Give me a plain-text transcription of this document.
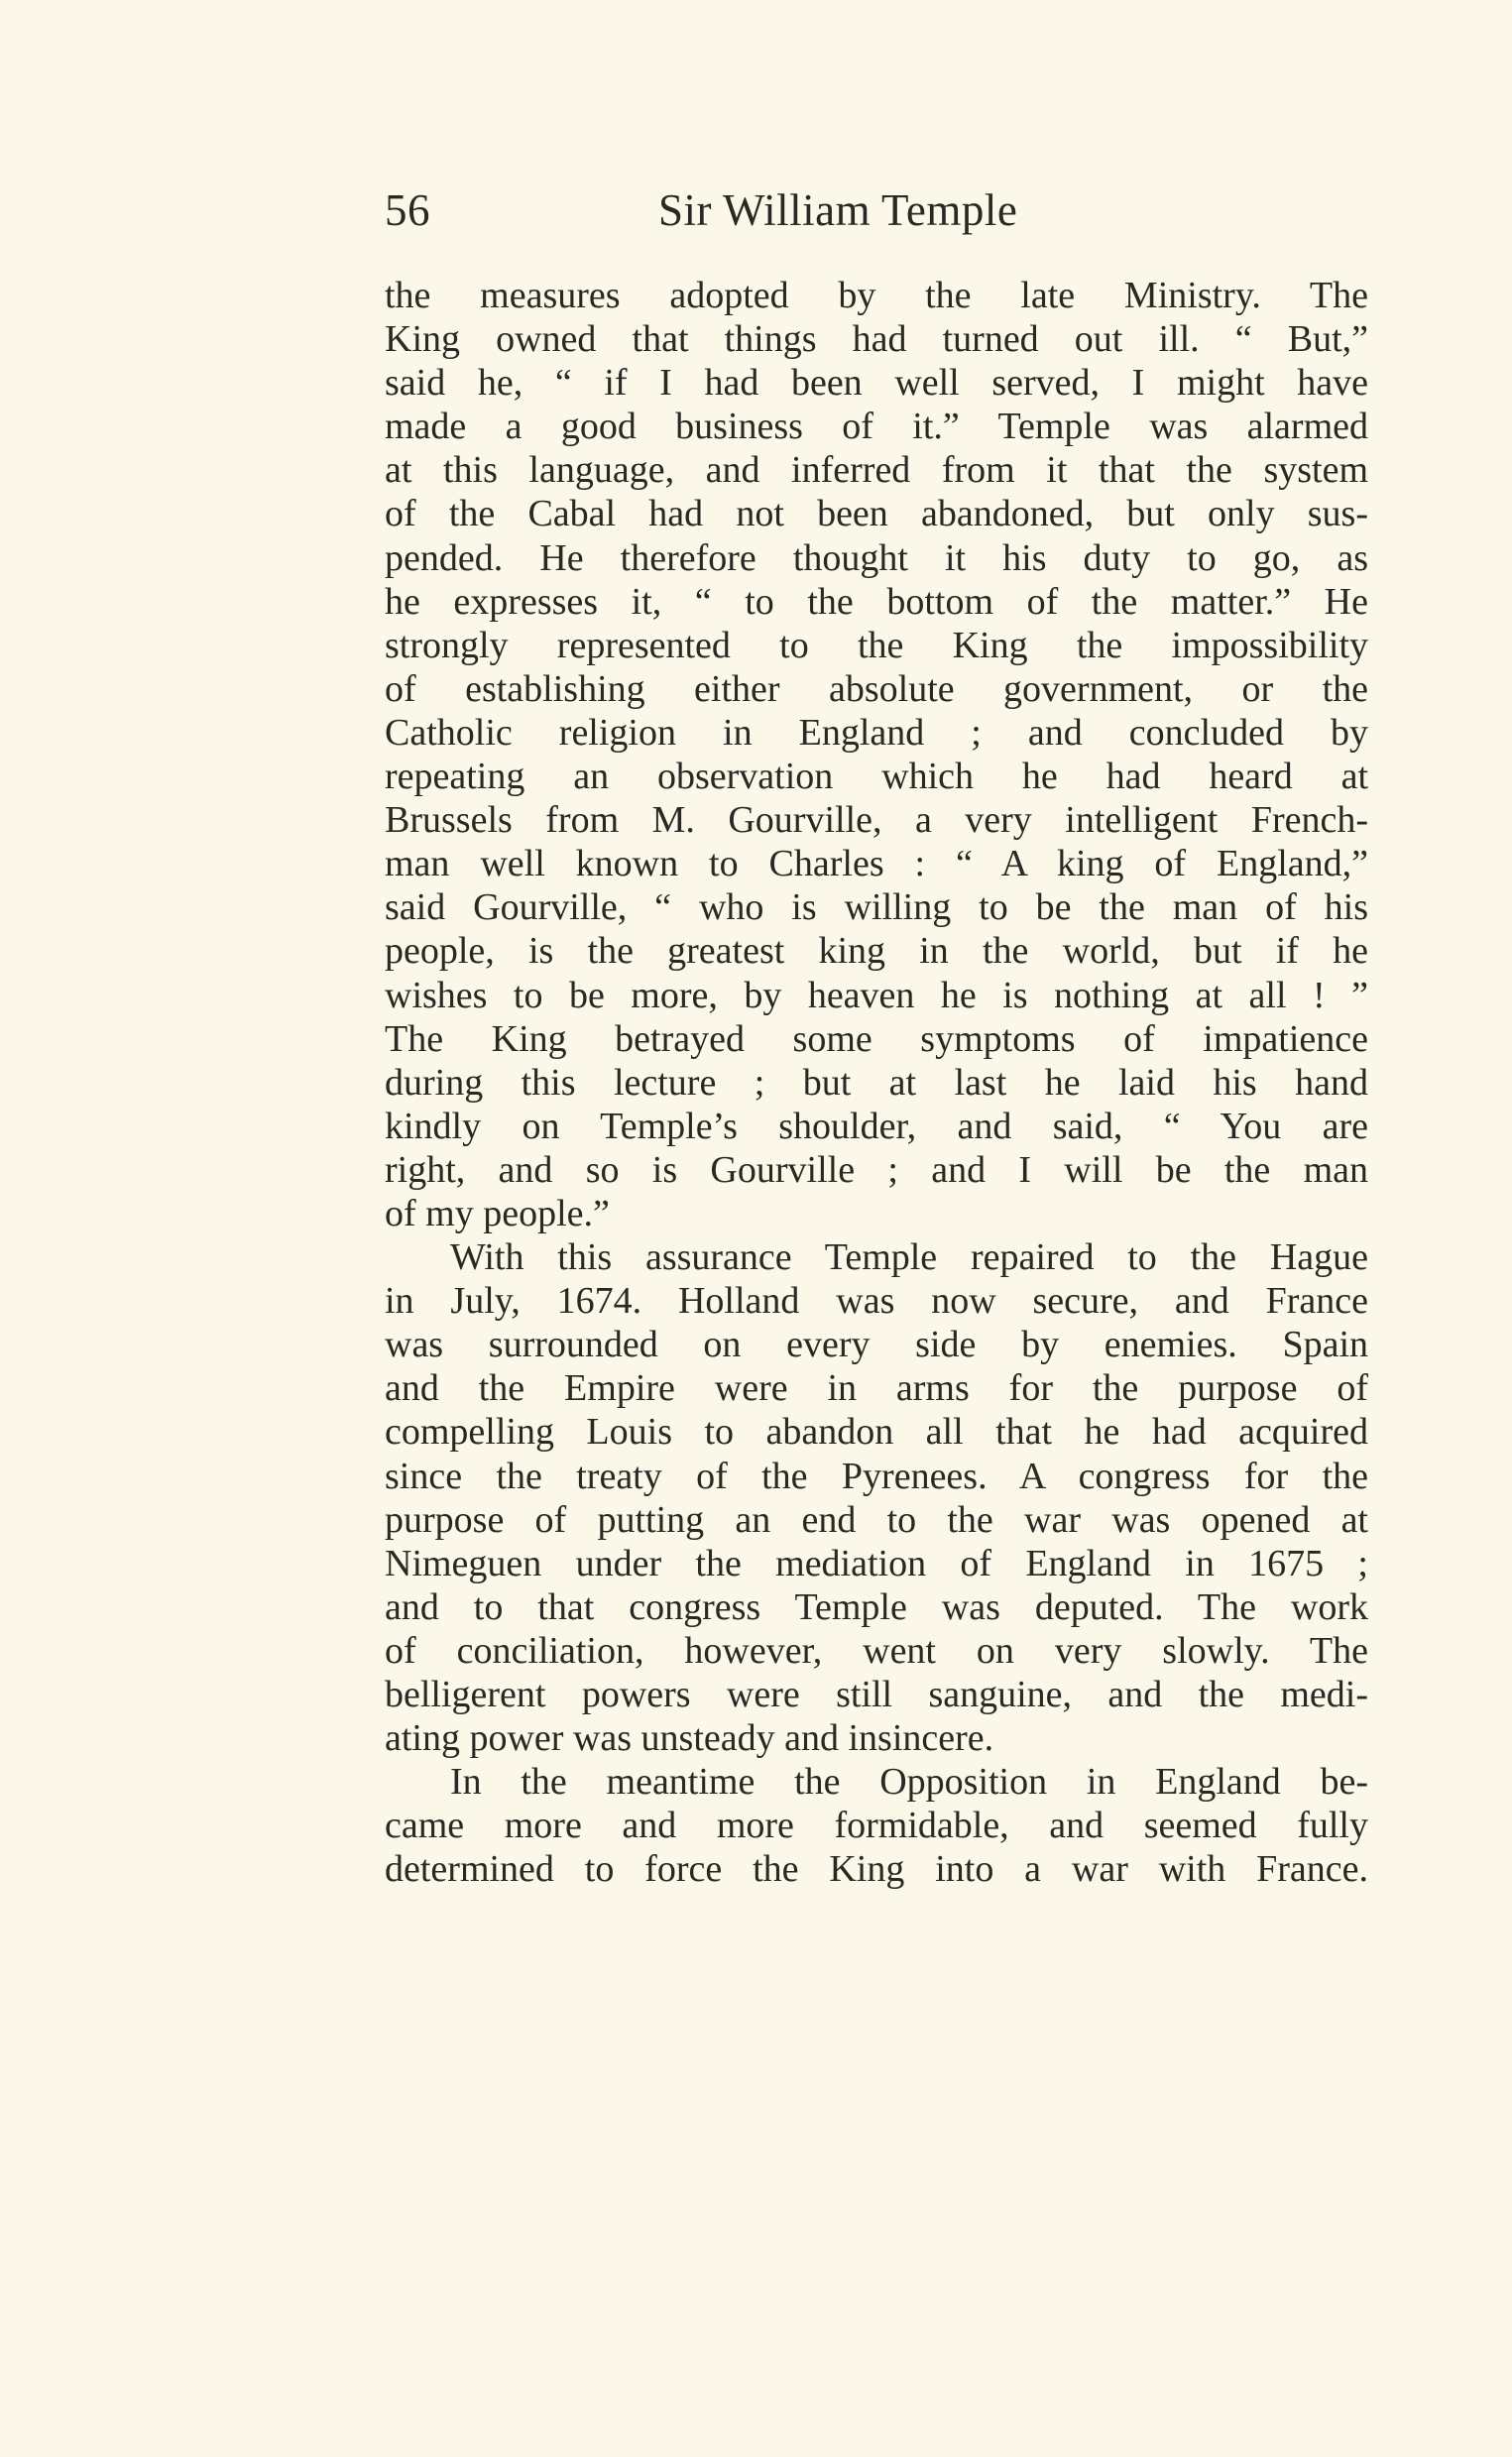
56	Sir William Temple
the measures adopted by the late Ministry. The
King owned that things had turned out ill. “ But,”
said he, “ if I had been well served, I might have
made a good business of it.” Temple was alarmed
at this language, and inferred from it that the system
of the Cabal had not been abandoned, but only sus-
pended. He therefore thought it his duty to go, as
he expresses it, “ to the bottom of the matter.” He
strongly represented to the King the impossibility
of establishing either absolute government, or the
Catholic religion in England ; and concluded by
repeating an observation which he had heard at
Brussels from M. Gourville, a very intelligent French-
man well known to Charles : “ A king of England,”
said Gourville, “ who is willing to be the man of his
people, is the greatest king in the world, but if he
wishes to be more, by heaven he is nothing at all ! ”
The King betrayed some symptoms of impatience
during this lecture ; but at last he laid his hand
kindly on Temple’s shoulder, and said, “ You are
right, and so is Gourville ; and I will be the man
of my people.”
With this assurance Temple repaired to the Hague
in July, 1674. Holland was now secure, and France
was surrounded on every side by enemies. Spain
and the Empire were in arms for the purpose of
compelling Louis to abandon all that he had acquired
since the treaty of the Pyrenees. A congress for the
purpose of putting an end to the war was opened at
Nimeguen under the mediation of England in 1675 ;
and to that congress Temple was deputed. The work
of conciliation, however, went on very slowly. The
belligerent powers were still sanguine, and the medi-
ating power was unsteady and insincere.
In the meantime the Opposition in England be-
came more and more formidable, and seemed fully
determined to force the King into a war with France.
